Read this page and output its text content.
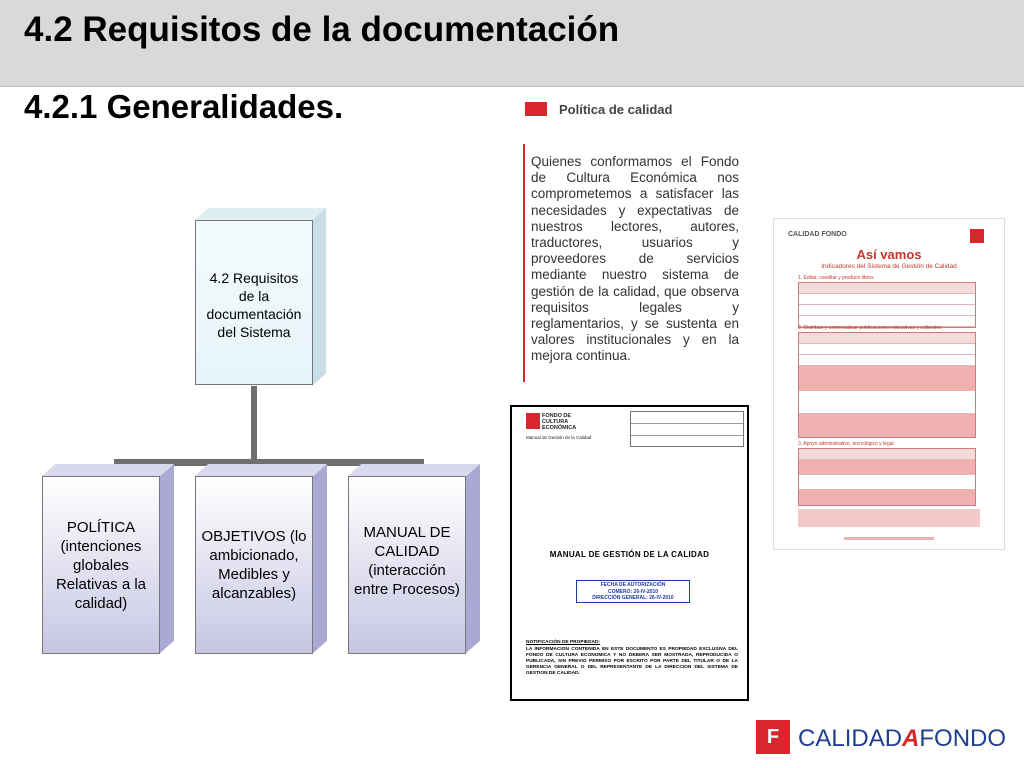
4.2 Requisitos de la documentación
4.2.1 Generalidades.
4.2 Requisitos de la documentación del Sistema
POLÍTICA (intenciones globales Relativas a la calidad)
OBJETIVOS (lo ambicionado, Medibles y alcanzables)
MANUAL DE CALIDAD (interacción entre Procesos)
Política de calidad
Quienes conformamos el Fondo de Cultura Económica nos comprometemos a satisfacer las necesidades y expectativas de nuestros lectores, autores, traductores, usuarios y proveedores de servicios mediante nuestro sistema de gestión de la calidad, que observa requisitos legales y reglamentarios, y se sustenta en valores institucionales y en la mejora continua.
CALIDAD FONDO
Así vamos
Indicadores del Sistema de Gestión de Calidad
1. Editar, coeditar y producir libros
2. Distribuir y comercializar publicaciones educativas y culturales
3. Apoyo administrativo, tecnológico y legal
FONDO DE CULTURA ECONÓMICA
Manual de Gestión de la Calidad
MANUAL DE GESTIÓN DE LA CALIDAD
FECHA DE AUTORIZACIÓN
COMERO: 26-IV-2010
DIRECCIÓN GENERAL: 26-IV-2010
NOTIFICACIÓN DE PROPIEDAD:
LA INFORMACION CONTENIDA EN ESTE DOCUMENTO ES PROPIEDAD EXCLUSIVA DEL FONDO DE CULTURA ECONOMICA Y NO DEBERA SER MOSTRADA, REPRODUCIDA O PUBLICADA, SIN PREVIO PERMISO POR ESCRITO POR PARTE DEL TITULAR O DE LA GERENCIA GENERAL O DEL REPRESENTANTE DE LA DIRECCION DEL SISTEMA DE GESTION DE CALIDAD.
F CALIDADAFONDO
